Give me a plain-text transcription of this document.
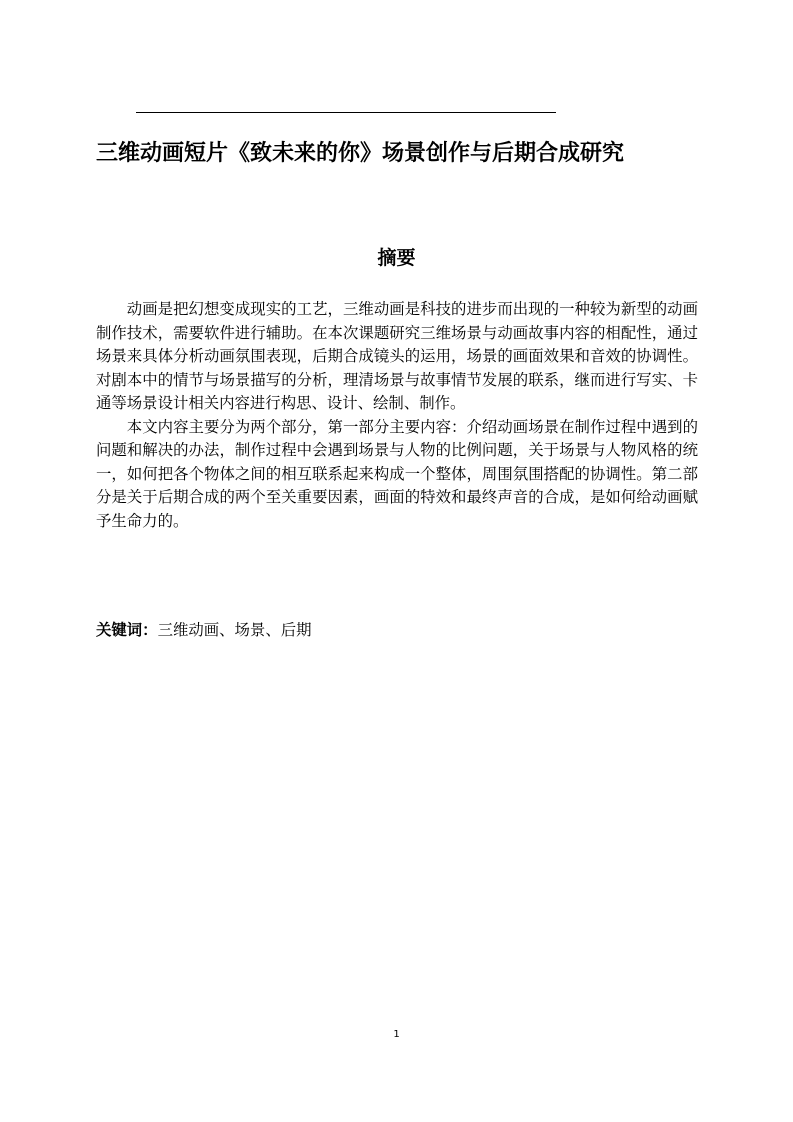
三维动画短片《致未来的你》场景创作与后期合成研究
摘要

动画是把幻想变成现实的工艺，三维动画是科技的进步而出现的一种较为新型的动画制作技术，需要软件进行辅助。在本次课题研究三维场景与动画故事内容的相配性，通过场景来具体分析动画氛围表现，后期合成镜头的运用，场景的画面效果和音效的协调性。对剧本中的情节与场景描写的分析，理清场景与故事情节发展的联系，继而进行写实、卡通等场景设计相关内容进行构思、设计、绘制、制作。

本文内容主要分为两个部分，第一部分主要内容：介绍动画场景在制作过程中遇到的问题和解决的办法，制作过程中会遇到场景与人物的比例问题，关于场景与人物风格的统一，如何把各个物体之间的相互联系起来构成一个整体，周围氛围搭配的协调性。第二部分是关于后期合成的两个至关重要因素，画面的特效和最终声音的合成，是如何给动画赋予生命力的。

关键词：三维动画、场景、后期

1
